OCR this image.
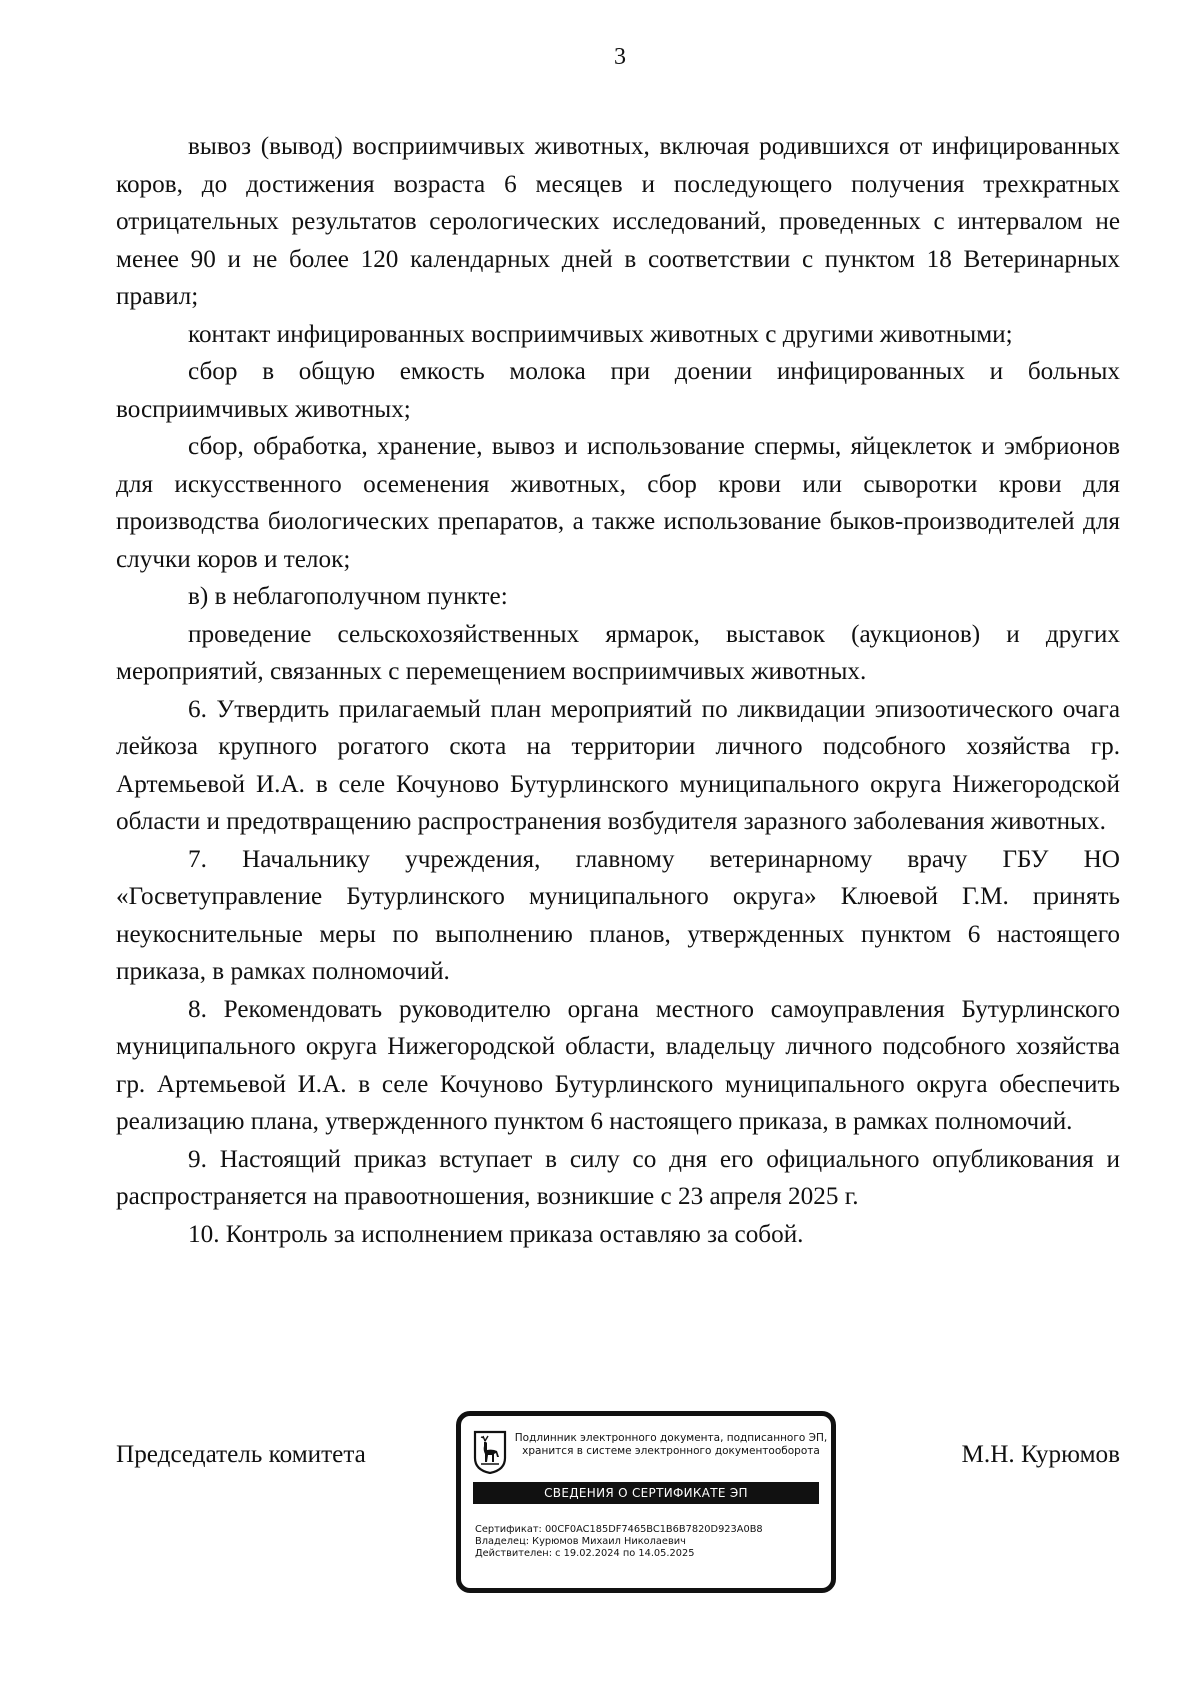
3

вывоз (вывод) восприимчивых животных, включая родившихся от инфицированных коров, до достижения возраста 6 месяцев и последующего получения трехкратных отрицательных результатов серологических исследований, проведенных с интервалом не менее 90 и не более 120 календарных дней в соответствии с пунктом 18 Ветеринарных правил;

контакт инфицированных восприимчивых животных с другими животными;

сбор в общую емкость молока при доении инфицированных и больных восприимчивых животных;

сбор, обработка, хранение, вывоз и использование спермы, яйцеклеток и эмбрионов для искусственного осеменения животных, сбор крови или сыворотки крови для производства биологических препаратов, а также использование быков-производителей для случки коров и телок;

в) в неблагополучном пункте:

проведение сельскохозяйственных ярмарок, выставок (аукционов) и других мероприятий, связанных с перемещением восприимчивых животных.

6. Утвердить прилагаемый план мероприятий по ликвидации эпизоотического очага лейкоза крупного рогатого скота на территории личного подсобного хозяйства гр. Артемьевой И.А. в селе Кочуново Бутурлинского муниципального округа Нижегородской области и предотвращению распространения возбудителя заразного заболевания животных.

7. Начальнику учреждения, главному ветеринарному врачу ГБУ НО «Госветуправление Бутурлинского муниципального округа» Клюевой Г.М. принять неукоснительные меры по выполнению планов, утвержденных пунктом 6 настоящего приказа, в рамках полномочий.

8. Рекомендовать руководителю органа местного самоуправления Бутурлинского муниципального округа Нижегородской области, владельцу личного подсобного хозяйства гр. Артемьевой И.А. в селе Кочуново Бутурлинского муниципального округа обеспечить реализацию плана, утвержденного пунктом 6 настоящего приказа, в рамках полномочий.

9. Настоящий приказ вступает в силу со дня его официального опубликования и распространяется на правоотношения, возникшие с 23 апреля 2025 г.

10. Контроль за исполнением приказа оставляю за собой.

Председатель комитета
Подлинник электронного документа, подписанного ЭП,
хранится в системе электронного документооборота
СВЕДЕНИЯ О СЕРТИФИКАТЕ ЭП
Сертификат: 00CF0AC185DF7465BC1B6B7820D923A0B8
Владелец: Курюмов Михаил Николаевич
Действителен: с 19.02.2024 по 14.05.2025
М.Н. Курюмов
